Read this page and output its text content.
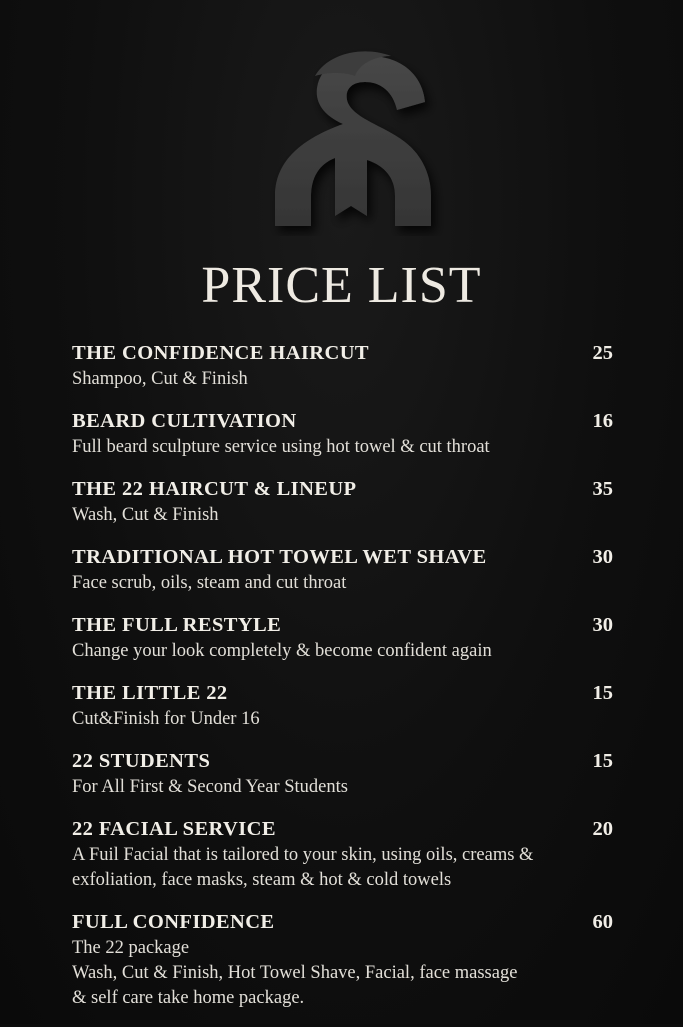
PRICE LIST
THE CONFIDENCE HAIRCUT	25
Shampoo, Cut & Finish
BEARD CULTIVATION	16
Full beard sculpture service using hot towel & cut throat
THE 22 HAIRCUT & LINEUP	35
Wash, Cut & Finish
TRADITIONAL HOT TOWEL WET SHAVE	30
Face scrub, oils, steam and cut throat
THE FULL RESTYLE	30
Change your look completely & become confident again
THE LITTLE 22	15
Cut&Finish for Under 16
22 STUDENTS	15
For All First & Second Year Students
22 FACIAL SERVICE	20
A Fuil Facial that is tailored to your skin, using oils, creams &
exfoliation, face masks, steam & hot & cold towels
FULL CONFIDENCE	60
The 22 package
Wash, Cut & Finish, Hot Towel Shave, Facial, face massage
& self care take home package.
